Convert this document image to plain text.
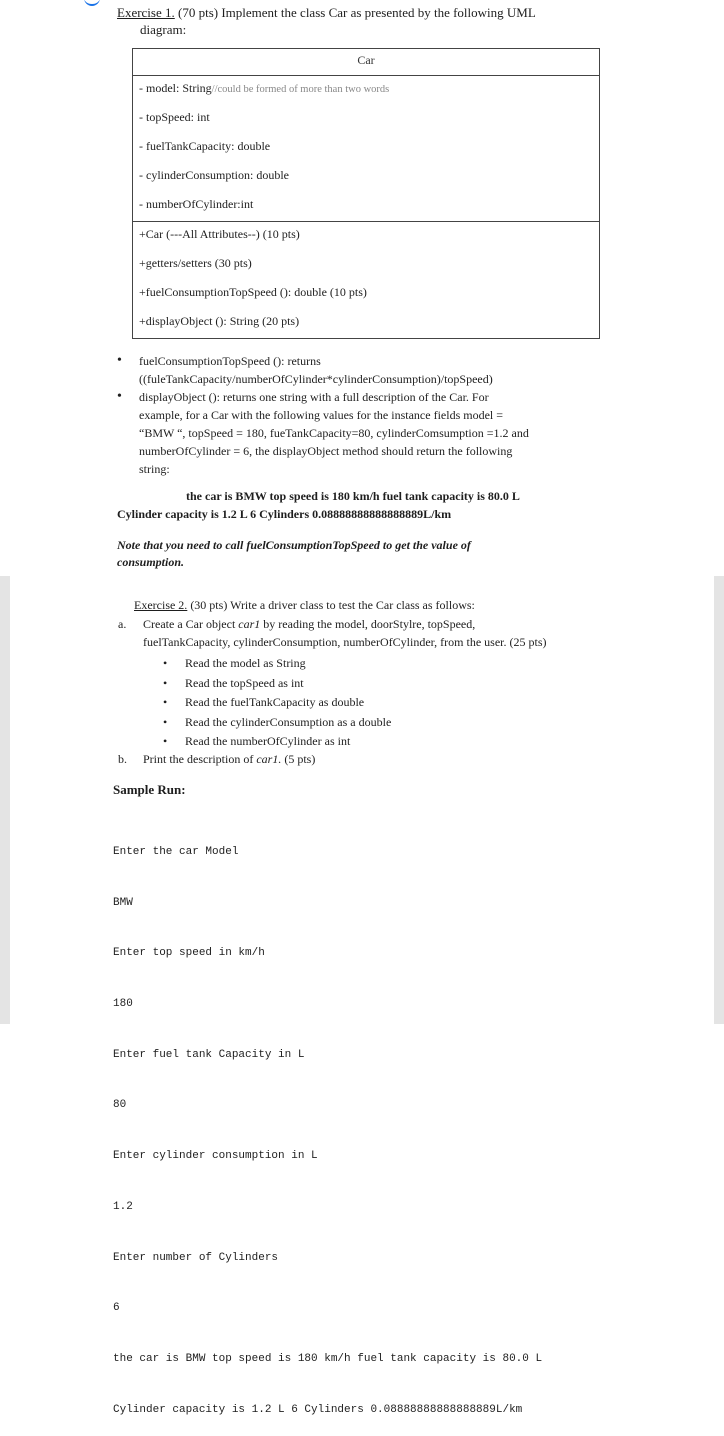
Exercise 1. (70 pts) Implement the class Car as presented by the following UML
diagram:
Car
- model: String//could be formed of more than two words
- topSpeed: int
- fuelTankCapacity: double
- cylinderConsumption: double
- numberOfCylinder:int
+Car (---All Attributes--) (10 pts)
+getters/setters (30 pts)
+fuelConsumptionTopSpeed (): double (10 pts)
+displayObject (): String (20 pts)
• fuelConsumptionTopSpeed (): returns
((fuleTankCapacity/numberOfCylinder*cylinderConsumption)/topSpeed)
• displayObject (): returns one string with a full description of the Car. For
example, for a Car with the following values for the instance fields model =
“BMW “, topSpeed = 180, fueTankCapacity=80, cylinderComsumption =1.2 and
numberOfCylinder = 6, the displayObject method should return the following
string:
the car is BMW top speed is 180 km/h fuel tank capacity is 80.0 L
Cylinder capacity is 1.2 L 6 Cylinders 0.08888888888888889L/km
Note that you need to call fuelConsumptionTopSpeed to get the value of
consumption.
Exercise 2. (30 pts) Write a driver class to test the Car class as follows:
a. Create a Car object car1 by reading the model, doorStylre, topSpeed,
fuelTankCapacity, cylinderConsumption, numberOfCylinder, from the user. (25 pts)
• Read the model as String
• Read the topSpeed as int
• Read the fuelTankCapacity as double
• Read the cylinderConsumption as a double
• Read the numberOfCylinder as int
b. Print the description of car1. (5 pts)
Sample Run:

Enter the car Model

BMW

Enter top speed in km/h

180

Enter fuel tank Capacity in L

80

Enter cylinder consumption in L

1.2

Enter number of Cylinders

6

the car is BMW top speed is 180 km/h fuel tank capacity is 80.0 L

Cylinder capacity is 1.2 L 6 Cylinders 0.08888888888888889L/km
